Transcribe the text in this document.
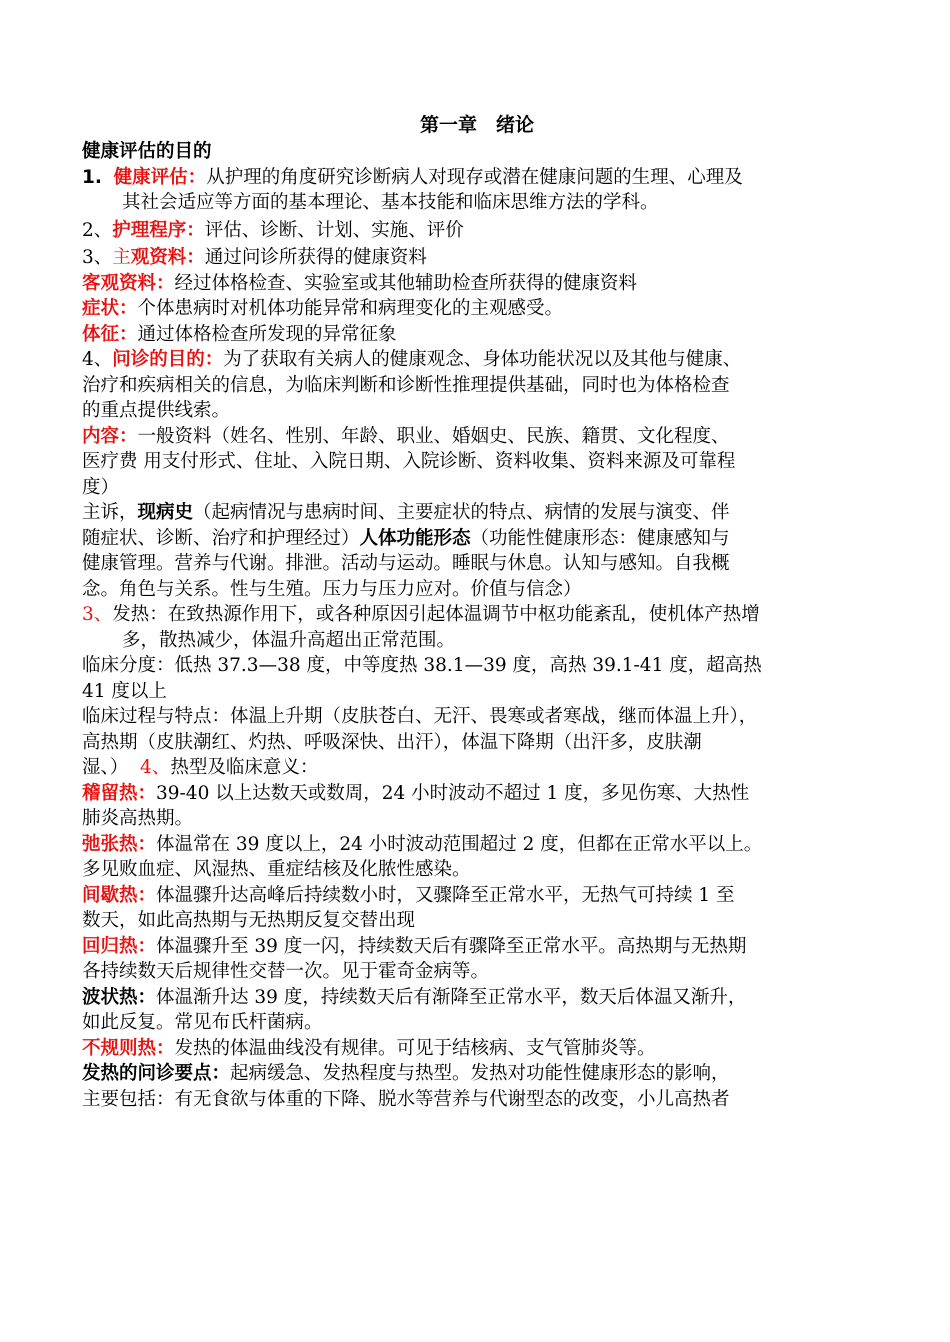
第一章　绪论
健康评估的目的
1. 健康评估：从护理的角度研究诊断病人对现存或潜在健康问题的生理、心理及
其社会适应等方面的基本理论、基本技能和临床思维方法的学科。
2、护理程序：评估、诊断、计划、实施、评价
3、主观资料：通过问诊所获得的健康资料
客观资料：经过体格检查、实验室或其他辅助检查所获得的健康资料
症状：个体患病时对机体功能异常和病理变化的主观感受。
体征：通过体格检查所发现的异常征象
4、问诊的目的：为了获取有关病人的健康观念、身体功能状况以及其他与健康、
治疗和疾病相关的信息，为临床判断和诊断性推理提供基础，同时也为体格检查
的重点提供线索。
内容：一般资料（姓名、性别、年龄、职业、婚姻史、民族、籍贯、文化程度、
医疗费 用支付形式、住址、入院日期、入院诊断、资料收集、资料来源及可靠程
度）
主诉，现病史（起病情况与患病时间、主要症状的特点、病情的发展与演变、伴
随症状、诊断、治疗和护理经过）人体功能形态（功能性健康形态：健康感知与
健康管理。营养与代谢。排泄。活动与运动。睡眠与休息。认知与感知。自我概
念。角色与关系。性与生殖。压力与压力应对。价值与信念）
3、发热：在致热源作用下，或各种原因引起体温调节中枢功能紊乱，使机体产热增
多，散热减少，体温升高超出正常范围。
临床分度：低热 37.3—38 度，中等度热 38.1—39 度，高热 39.1-41 度，超高热
41 度以上
临床过程与特点：体温上升期（皮肤苍白、无汗、畏寒或者寒战，继而体温上升），
高热期（皮肤潮红、灼热、呼吸深快、出汗），体温下降期（出汗多，皮肤潮
湿、） 4、热型及临床意义：
稽留热：39-40 以上达数天或数周，24 小时波动不超过 1 度，多见伤寒、大热性
肺炎高热期。
弛张热：体温常在 39 度以上，24 小时波动范围超过 2 度，但都在正常水平以上。
多见败血症、风湿热、重症结核及化脓性感染。
间歇热：体温骤升达高峰后持续数小时，又骤降至正常水平，无热气可持续 1 至
数天，如此高热期与无热期反复交替出现
回归热：体温骤升至 39 度一闪，持续数天后有骤降至正常水平。高热期与无热期
各持续数天后规律性交替一次。见于霍奇金病等。
波状热：体温渐升达 39 度，持续数天后有渐降至正常水平，数天后体温又渐升，
如此反复。常见布氏杆菌病。
不规则热：发热的体温曲线没有规律。可见于结核病、支气管肺炎等。
发热的问诊要点：起病缓急、发热程度与热型。发热对功能性健康形态的影响，
主要包括：有无食欲与体重的下降、脱水等营养与代谢型态的改变，小儿高热者
